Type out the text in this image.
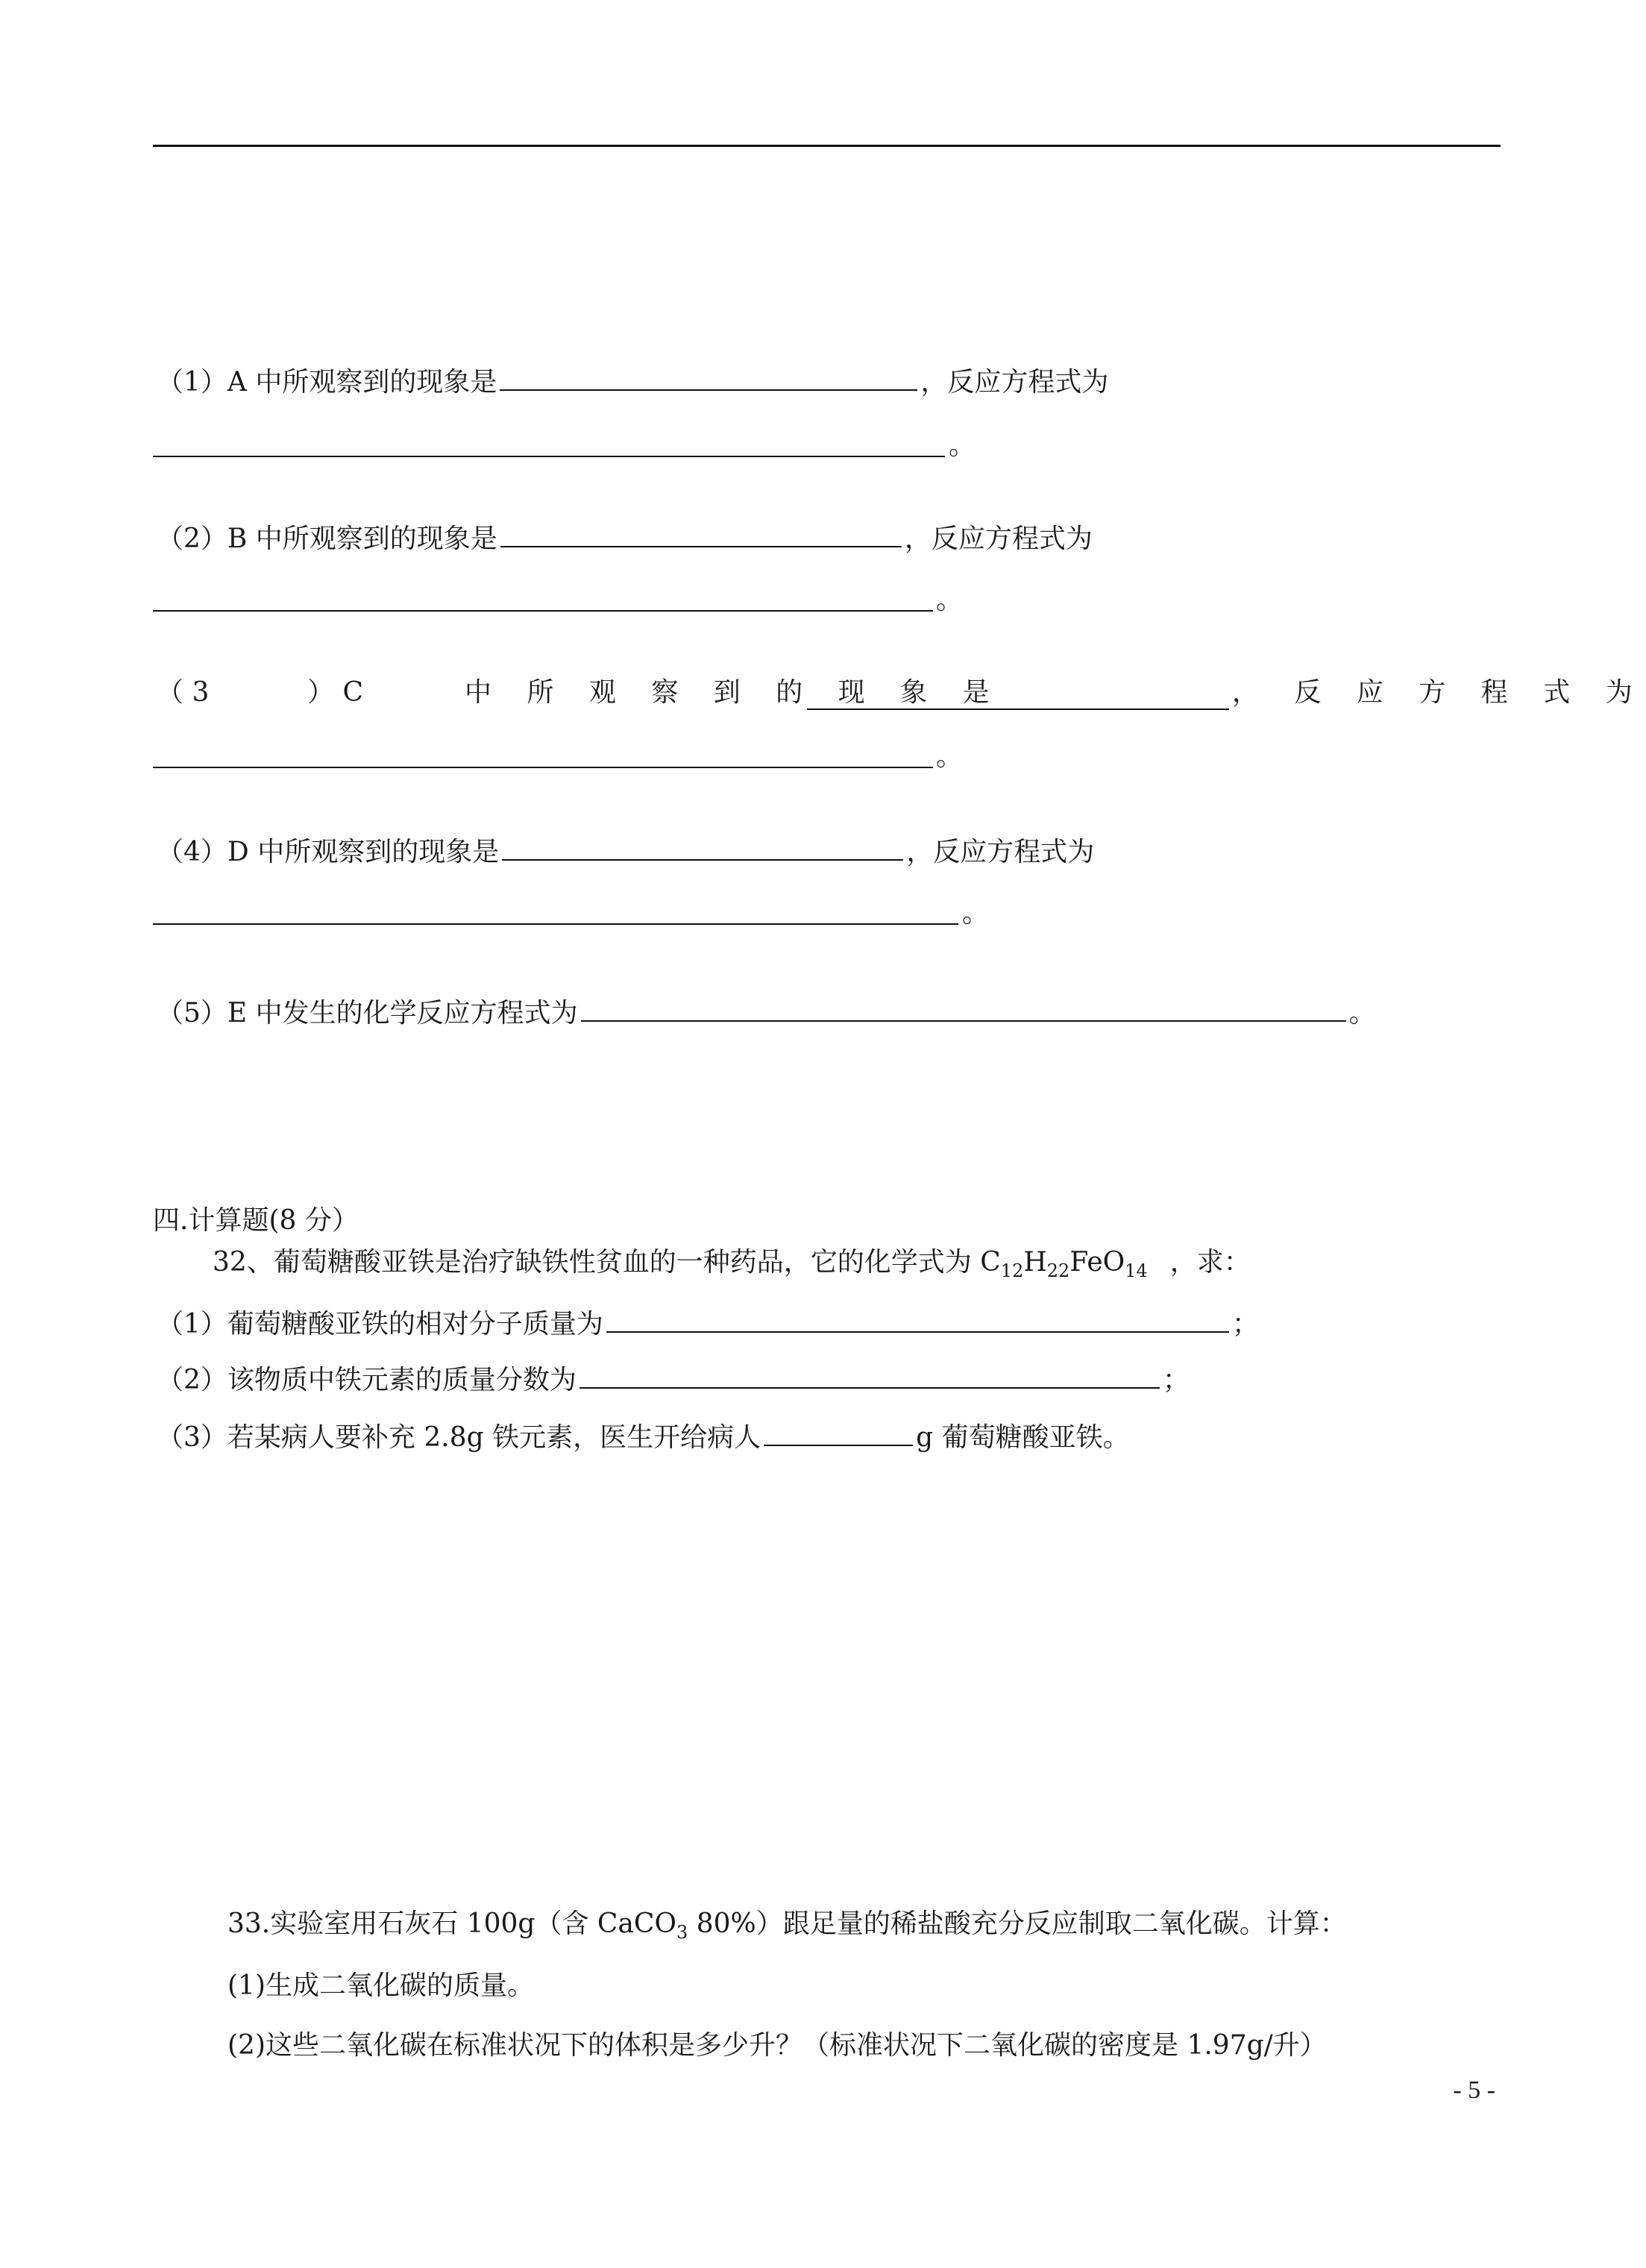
（1）A 中所观察到的现象是	，反应方程式为
。
（2）B 中所观察到的现象是	，反应方程式为
。
（ 3	） C	中 所 观 察 到 的 现 象 是	， 反 应 方 程 式 为
。
（4）D 中所观察到的现象是	，反应方程式为
。
（5）E 中发生的化学反应方程式为	。
四.计算题(8 分）
32、葡萄糖酸亚铁是治疗缺铁性贫血的一种药品，它的化学式为 $C_{12}H_{22}FeO_{14}$ ，求：
（1）葡萄糖酸亚铁的相对分子质量为	；
（2）该物质中铁元素的质量分数为	；
（3）若某病人要补充 2.8g 铁元素，医生开给病人	g 葡萄糖酸亚铁。
33.实验室用石灰石 100g（含 CaCO$_3$ 80%）跟足量的稀盐酸充分反应制取二氧化碳。计算：
(1)生成二氧化碳的质量。
(2)这些二氧化碳在标准状况下的体积是多少升？（标准状况下二氧化碳的密度是 1.97g/升）
- 5 -
